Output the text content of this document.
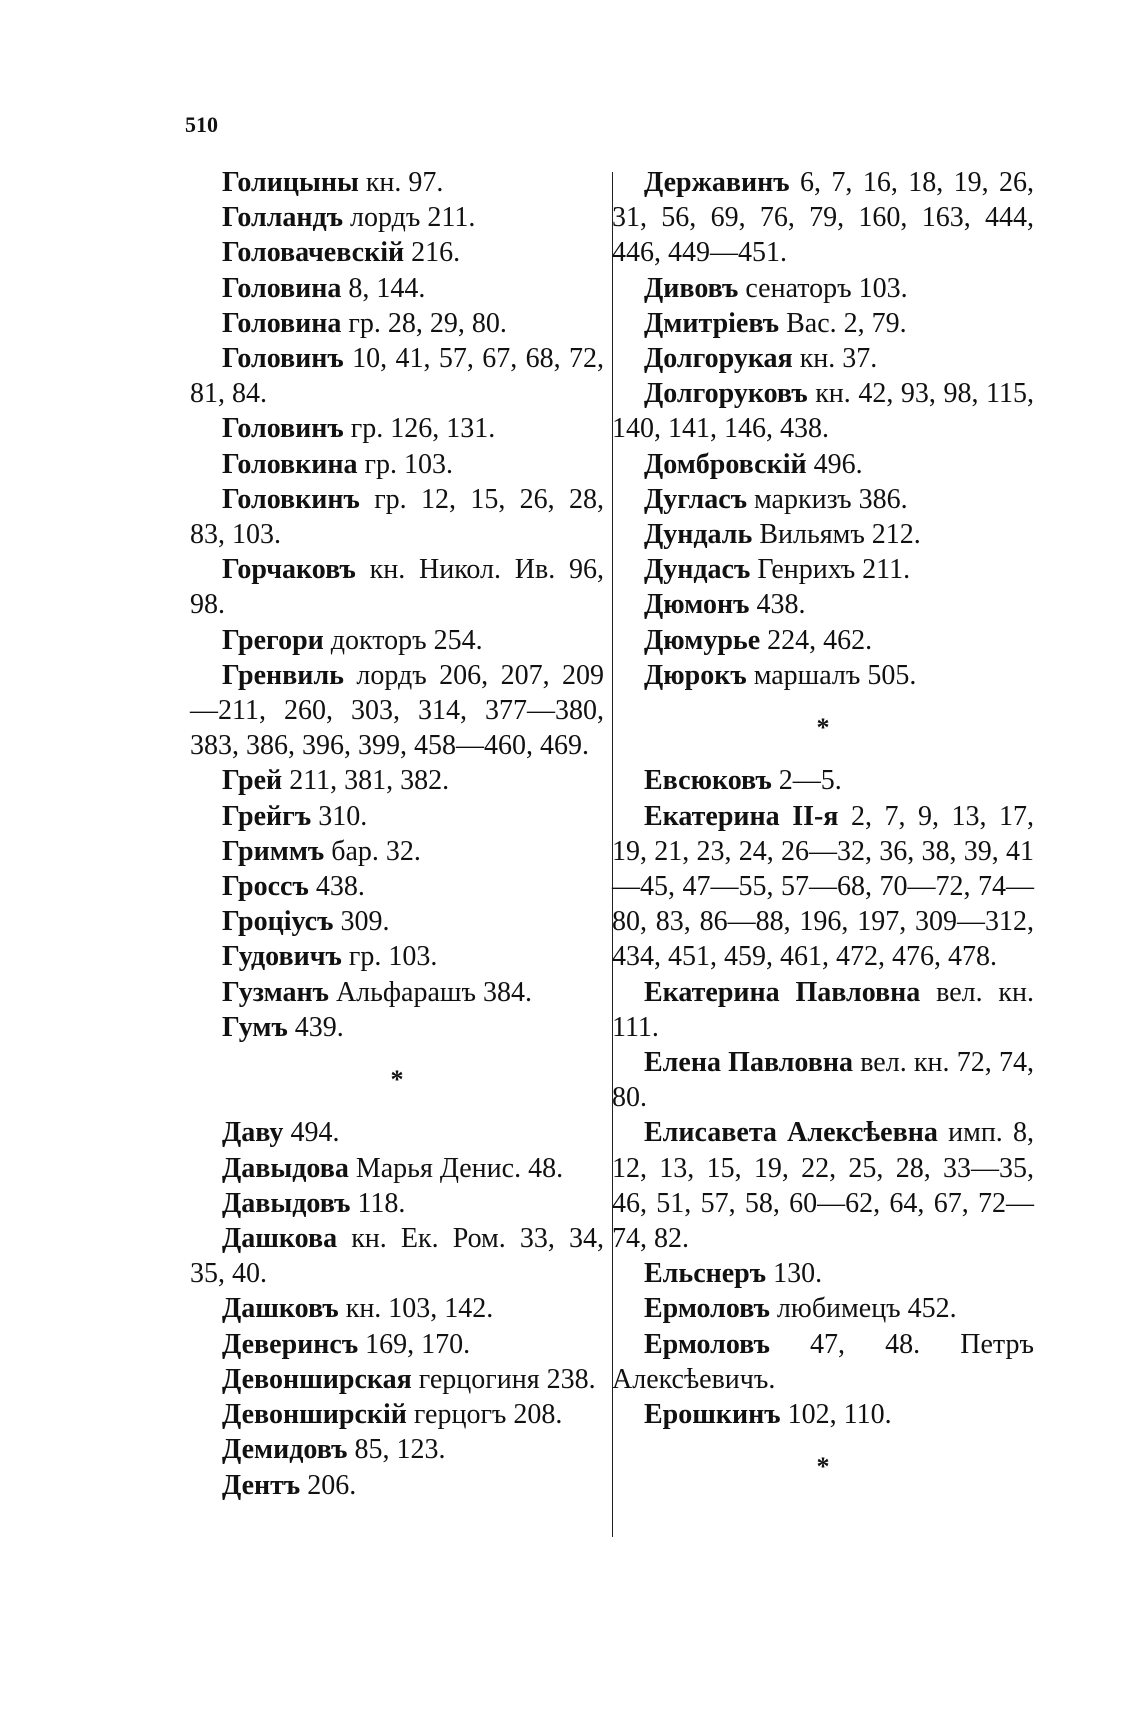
510

Голицыны кн. 97.

Голландъ лордъ 211.

Головачевскій 216.

Головина 8, 144.

Головина гр. 28, 29, 80.

Головинъ 10, 41, 57, 67, 68, 72, 81, 84.

Головинъ гр. 126, 131.

Головкина гр. 103.

Головкинъ гр. 12, 15, 26, 28, 83, 103.

Горчаковъ кн. Никол. Ив. 96, 98.

Грегори докторъ 254.

Гренвиль лордъ 206, 207, 209—211, 260, 303, 314, 377—380, 383, 386, 396, 399, 458—460, 469.

Грей 211, 381, 382.

Грейгъ 310.

Гриммъ бар. 32.

Гроссъ 438.

Гроціусъ 309.

Гудовичъ гр. 103.

Гузманъ Альфарашъ 384.

Гумъ 439.

*

Даву 494.

Давыдова Марья Денис. 48.

Давыдовъ 118.

Дашкова кн. Ек. Ром. 33, 34, 35, 40.

Дашковъ кн. 103, 142.

Деверинсъ 169, 170.

Девонширская герцогиня 238.

Девонширскій герцогъ 208.

Демидовъ 85, 123.

Дентъ 206.

Державинъ 6, 7, 16, 18, 19, 26, 31, 56, 69, 76, 79, 160, 163, 444, 446, 449—451.

Дивовъ сенаторъ 103.

Дмитріевъ Вас. 2, 79.

Долгорукая кн. 37.

Долгоруковъ кн. 42, 93, 98, 115, 140, 141, 146, 438.

Домбровскій 496.

Дугласъ маркизъ 386.

Дундаль Вильямъ 212.

Дундасъ Генрихъ 211.

Дюмонъ 438.

Дюмурье 224, 462.

Дюрокъ маршалъ 505.

*

Евсюковъ 2—5.

Екатерина II-я 2, 7, 9, 13, 17, 19, 21, 23, 24, 26—32, 36, 38, 39, 41—45, 47—55, 57—68, 70—72, 74—80, 83, 86—88, 196, 197, 309—312, 434, 451, 459, 461, 472, 476, 478.

Екатерина Павловна вел. кн. 111.

Елена Павловна вел. кн. 72, 74, 80.

Елисавета Алексѣевна имп. 8, 12, 13, 15, 19, 22, 25, 28, 33—35, 46, 51, 57, 58, 60—62, 64, 67, 72—74, 82.

Ельснеръ 130.

Ермоловъ любимецъ 452.

Ермоловъ 47, 48. Петръ Алексѣевичъ.

Ерошкинъ 102, 110.

*
